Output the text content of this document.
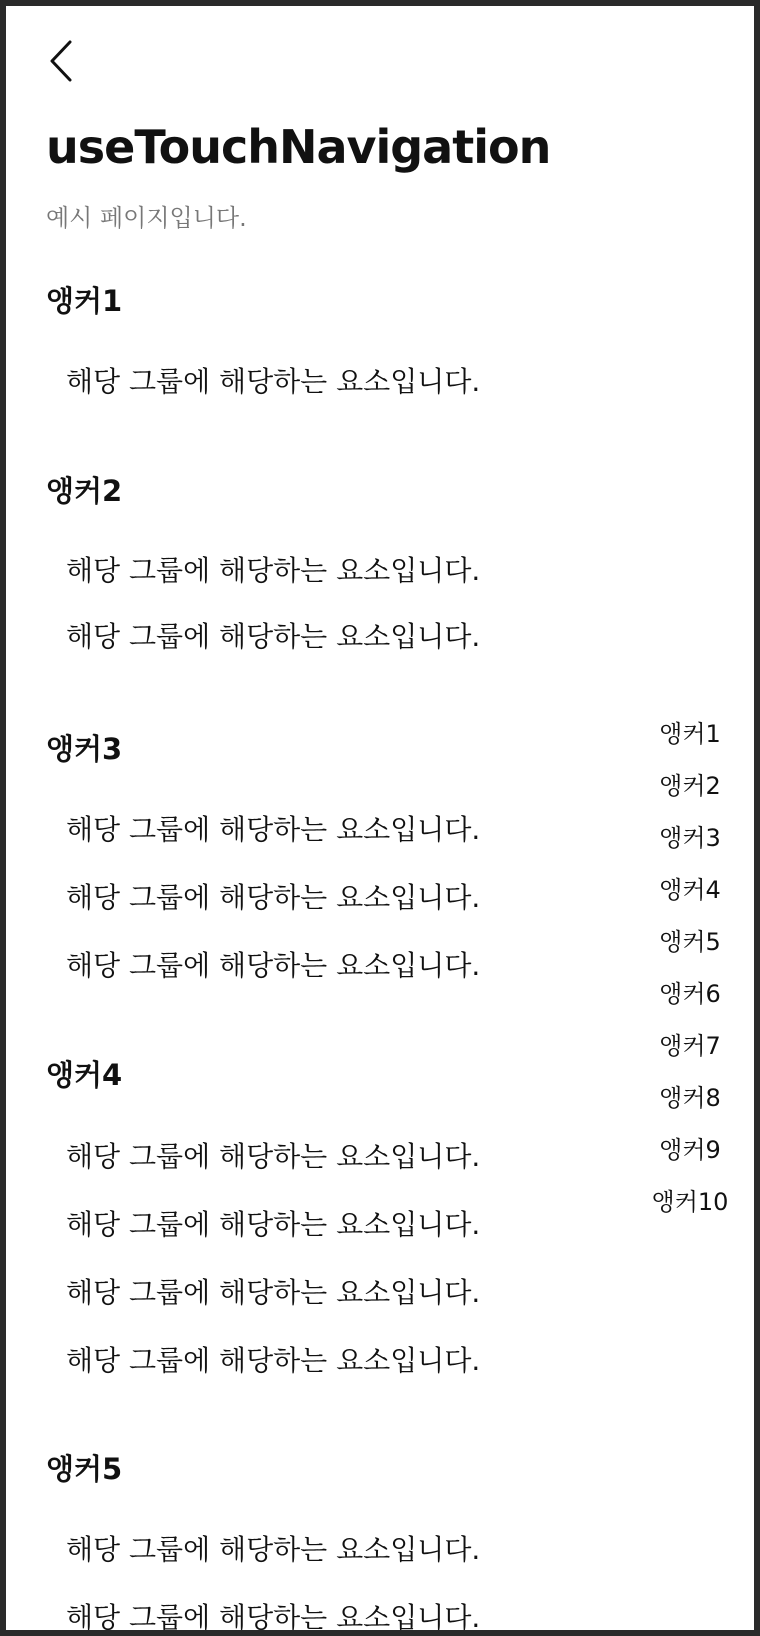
useTouchNavigation

예시 페이지입니다.

앵커1

해당 그룹에 해당하는 요소입니다.

앵커2

해당 그룹에 해당하는 요소입니다.

해당 그룹에 해당하는 요소입니다.

앵커3

해당 그룹에 해당하는 요소입니다.

해당 그룹에 해당하는 요소입니다.

해당 그룹에 해당하는 요소입니다.

앵커4

해당 그룹에 해당하는 요소입니다.

해당 그룹에 해당하는 요소입니다.

해당 그룹에 해당하는 요소입니다.

해당 그룹에 해당하는 요소입니다.

앵커5

해당 그룹에 해당하는 요소입니다.

해당 그룹에 해당하는 요소입니다.

앵커1
앵커2
앵커3
앵커4
앵커5
앵커6
앵커7
앵커8
앵커9
앵커10
